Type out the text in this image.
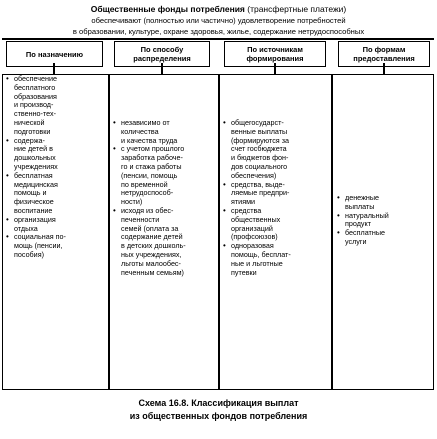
Общественные фонды потребления (трансфертные платежи)
обеспечивают (полностью или частично) удовлетворение потребностей
в образовании, культуре, охране здоровья, жилье, содержание нетрудоспособных
По назначению	По способу
распределения
По источникам
формирования
По формам
предоставления
• обеспечение
бесплатного
образования
и производ-
ственно-тех-
нической
подготовки
• содержа-
ние детей в
дошкольных
учреждениях
• бесплатная
медицинская
помощь и
физическое
воспитание
• организация
отдыха
• социальная по-
мощь (пенсии,
пособия)
• независимо от
количества
и качества труда
• с учетом прошлого
заработка рабоче-
го и стажа работы
(пенсии, помощь
по временной
нетрудоспособ-
ности)
• исходя из обес-
печенности
семей (оплата за
содержание детей
в детских дошколь-
ных учреждениях,
льготы малообес-
печенным семьям)
• общегосударст-
венные выплаты
(формируются за
счет госбюджета
и бюджетов фон-
дов социального
обеспечения)
• средства, выде-
ляемые предпри-
ятиями
• средства
общественных
организаций
(профсоюзов)
• одноразовая
помощь, бесплат-
ные и льготные
путевки
• денежные
выплаты
• натуральный
продукт
• бесплатные
услуги
Схема 16.8. Классификация выплат
из общественных фондов потребления
